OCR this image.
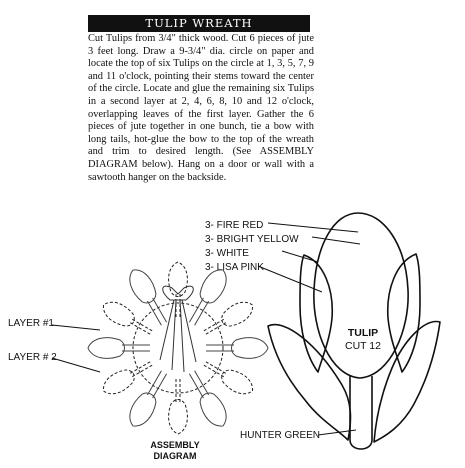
TULIP WREATH

Cut Tulips from 3/4" thick wood. Cut 6 pieces of jute 3 feet long. Draw a 9-3/4" dia. circle on paper and locate the top of six Tulips on the circle at 1, 3, 5, 7, 9 and 11 o'clock, pointing their stems toward the center of the circle. Locate and glue the remaining six Tulips in a second layer at 2, 4, 6, 8, 10 and 12 o'clock, overlapping leaves of the first layer. Gather the 6 pieces of jute together in one bunch, tie a bow with long tails, hot-glue the bow to the top of the wreath and trim to desired length. (See ASSEMBLY DIAGRAM below). Hang on a door or wall with a sawtooth hanger on the backside.

3- FIRE RED
3- BRIGHT YELLOW
3- WHITE
3- LISA PINK
LAYER #1
LAYER # 2
TULIP
CUT 12
HUNTER GREEN
ASSEMBLY
DIAGRAM
